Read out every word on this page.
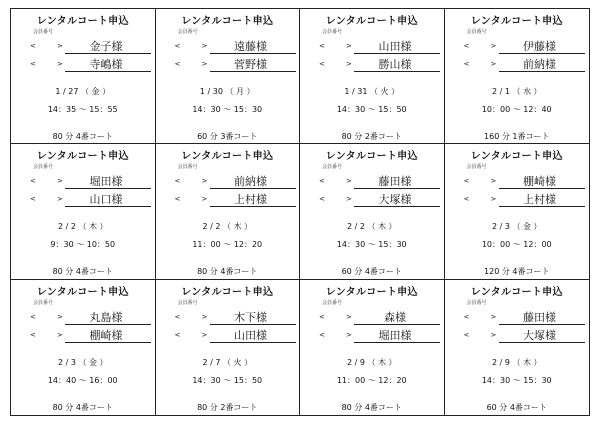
レンタルコート申込
会員番号
<	>	金子様
<	>	寺嶋様
1 / 27 （ 金 ）
14：35 ～ 15：55
80 分 4番コート
レンタルコート申込
会員番号
<	>	遠藤様
<	>	菅野様
1 / 30 （ 月 ）
14：30 ～ 15：30
60 分 3番コート
レンタルコート申込
会員番号
<	>	山田様
<	>	勝山様
1 / 31 （ 火 ）
14：30 ～ 15：50
80 分 2番コート
レンタルコート申込
会員番号
<	>	伊藤様
<	>	前納様
2 / 1 （ 水 ）
10：00 ～ 12：40
160 分 1番コート
レンタルコート申込
会員番号
<	>	堀田様
<	>	山口様
2 / 2 （ 木 ）
9：30 ～ 10：50
80 分 4番コート
レンタルコート申込
会員番号
<	>	前納様
<	>	上村様
2 / 2 （ 木 ）
11：00 ～ 12：20
80 分 4番コート
レンタルコート申込
会員番号
<	>	藤田様
<	>	大塚様
2 / 2 （ 木 ）
14：30 ～ 15：30
60 分 4番コート
レンタルコート申込
会員番号
<	>	棚崎様
<	>	上村様
2 / 3 （ 金 ）
10：00 ～ 12：00
120 分 4番コート
レンタルコート申込
会員番号
<	>	丸島様
<	>	棚崎様
2 / 3 （ 金 ）
14：40 ～ 16：00
80 分 4番コート
レンタルコート申込
会員番号
<	>	木下様
<	>	山田様
2 / 7 （ 火 ）
14：30 ～ 15：50
80 分 2番コート
レンタルコート申込
会員番号
<	>	森様
<	>	堀田様
2 / 9 （ 木 ）
11：00 ～ 12：20
80 分 4番コート
レンタルコート申込
会員番号
<	>	藤田様
<	>	大塚様
2 / 9 （ 木 ）
14：30 ～ 15：30
60 分 4番コート
